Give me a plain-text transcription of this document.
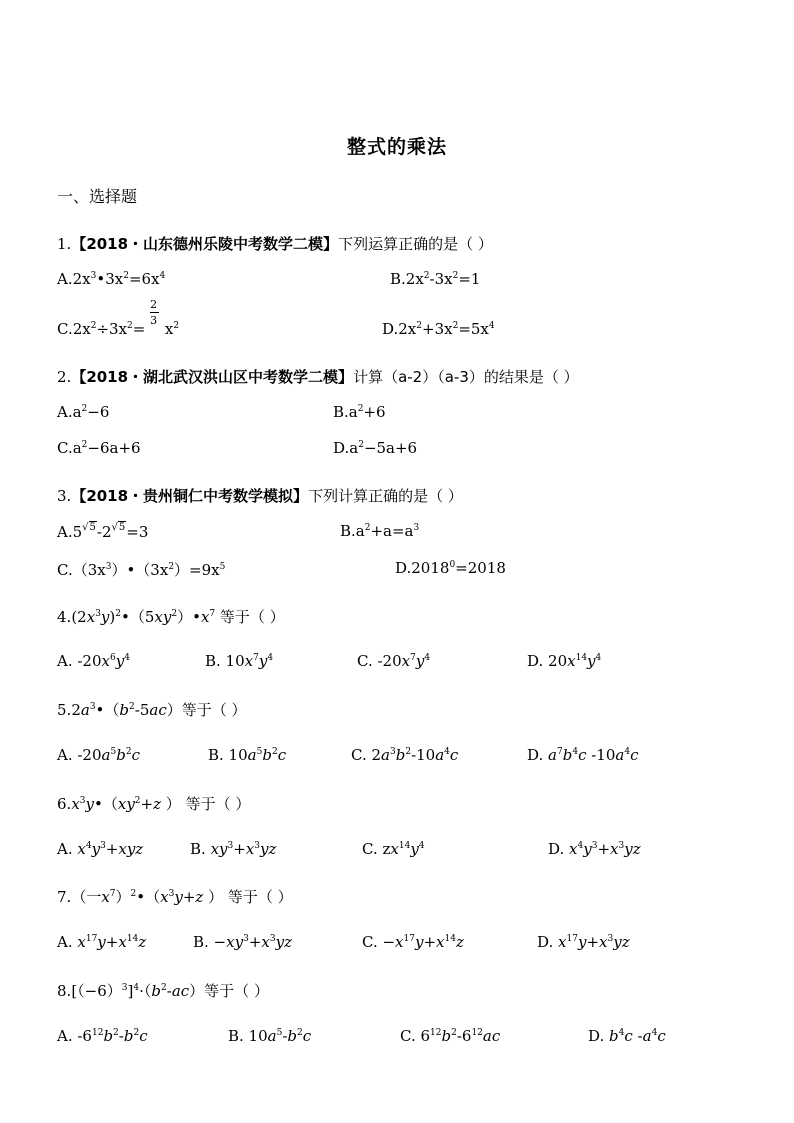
整式的乘法
一、选择题
1.【2018・山东德州乐陵中考数学二模】下列运算正确的是（ ）
$A.2x^3•3x^2=6x^4$	$B.2x^2-3x^2=1$
$C.2x^2\div 3x^2= \frac{2}{3} x^2$	$D.2x^2+3x^2=5x^4$
2.【2018・湖北武汉洪山区中考数学二模】计算（a-2）（a-3）的结果是（ ）
$A.a^2-6$	$B.a^2+6$
$C.a^2-6a+6$	$D.a^2-5a+6$
3.【2018・贵州铜仁中考数学模拟】下列计算正确的是（ ）
$A.5^{√5}-2^{√5}=3$	$B.a^2+a=a^3$
$C.(3x^3)•(3x^2)=9x^5$	$D.2018^0=2018$
$4.(2x^3y)^2•(5xy^2)•x^7$ 等于（ ）
A. $-20x^6y^4$	B. $10x^7y^4$	C. $-20x^7y^4$	D. $20x^{14}y^4$
$5.2a^3•(b^2-5ac)$等于（ ）
A. $-20a^5b^2c$	B. $10a^5b^2c$	C. $2a^3b^2-10a^4c$	D. $a^7b^4c$ $-10a^4c$
$6.x^3y•(xy^2+z$ ） 等于（ ）
A. $x^4y^3+xyz$	B. $xy^3+x^3yz$	C. $zx^{14}y^4$	D. $x^4y^3+x^3yz$
7.（一$x^7)^2•(x^3y+z$ ） 等于（ ）
A. $x^{17}y+x^{14}z$	B. $-xy^3+x^3yz$	C. $-x^{17}y+x^{14}z$	D. $x^{17}y+x^3yz$
$8.[(-6)^3]^4\cdot(b^2-ac)$等于（ ）
A. $-6^{12}b^2-b^2c$	B. $10a^5-b^2c$	C. $6^{12}b^2-6^{12}ac$	D. $b^4c$ $-a^4c$
